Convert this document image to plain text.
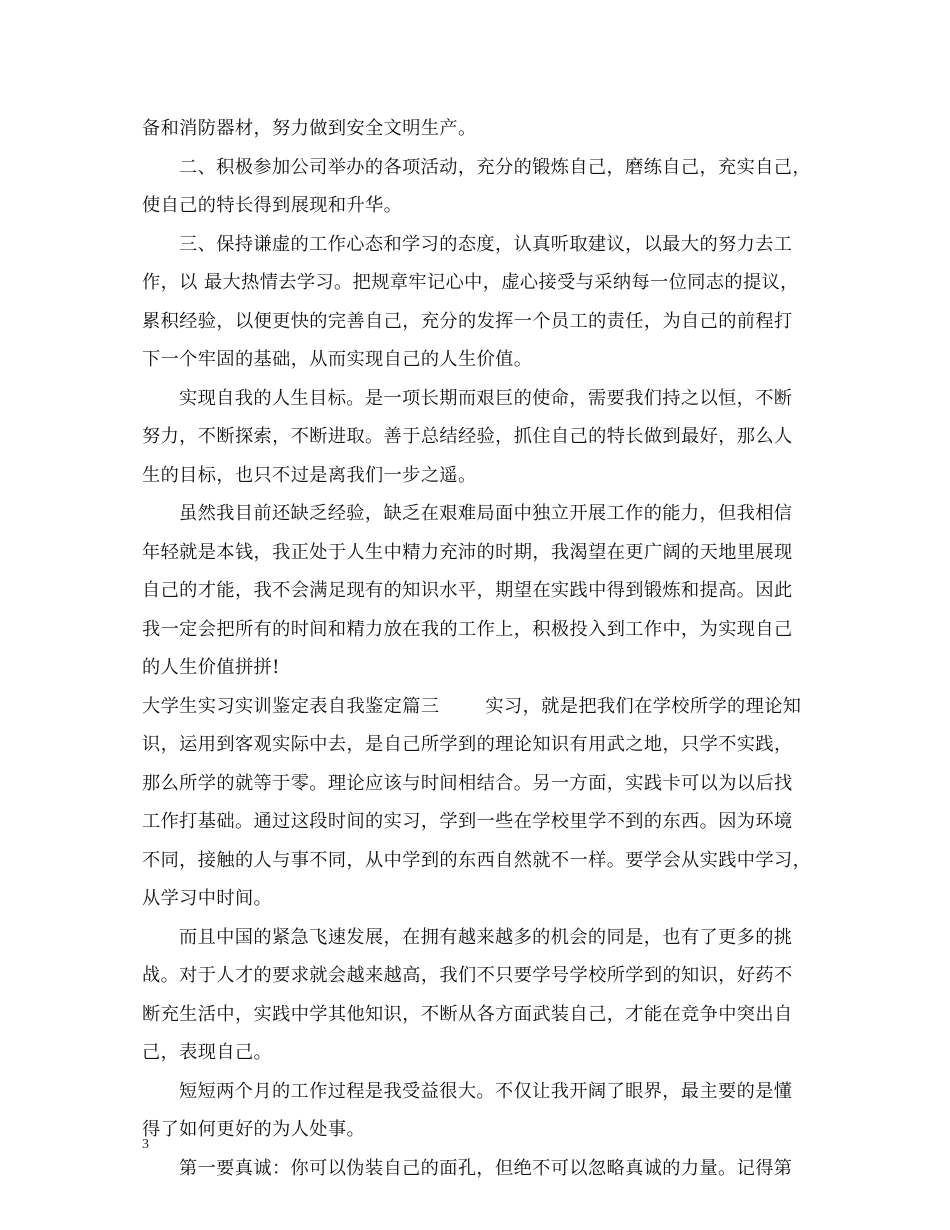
备和消防器材，努力做到安全文明生产。
二、积极参加公司举办的各项活动，充分的锻炼自己，磨练自己，充实自己，
使自己的特长得到展现和升华。
三、保持谦虚的工作心态和学习的态度，认真听取建议，以最大的努力去工
作，以 最大热情去学习。把规章牢记心中，虚心接受与采纳每一位同志的提议，
累积经验，以便更快的完善自己，充分的发挥一个员工的责任，为自己的前程打
下一个牢固的基础，从而实现自己的人生价值。
实现自我的人生目标。是一项长期而艰巨的使命，需要我们持之以恒，不断
努力，不断探索，不断进取。善于总结经验，抓住自己的特长做到最好，那么人
生的目标，也只不过是离我们一步之遥。
虽然我目前还缺乏经验，缺乏在艰难局面中独立开展工作的能力，但我相信
年轻就是本钱，我正处于人生中精力充沛的时期，我渴望在更广阔的天地里展现
自己的才能，我不会满足现有的知识水平，期望在实践中得到锻炼和提高。因此
我一定会把所有的时间和精力放在我的工作上，积极投入到工作中，为实现自己
的人生价值拼拼!
大学生实习实训鉴定表自我鉴定篇三	实习，就是把我们在学校所学的理论知
识，运用到客观实际中去，是自己所学到的理论知识有用武之地，只学不实践，
那么所学的就等于零。理论应该与时间相结合。另一方面，实践卡可以为以后找
工作打基础。通过这段时间的实习，学到一些在学校里学不到的东西。因为环境
不同，接触的人与事不同，从中学到的东西自然就不一样。要学会从实践中学习，
从学习中时间。
而且中国的紧急飞速发展，在拥有越来越多的机会的同是，也有了更多的挑
战。对于人才的要求就会越来越高，我们不只要学号学校所学到的知识，好药不
断充生活中，实践中学其他知识，不断从各方面武装自己，才能在竞争中突出自
己，表现自己。
短短两个月的工作过程是我受益很大。不仅让我开阔了眼界，最主要的是懂
得了如何更好的为人处事。
第一要真诚：你可以伪装自己的面孔，但绝不可以忽略真诚的力量。记得第
3
